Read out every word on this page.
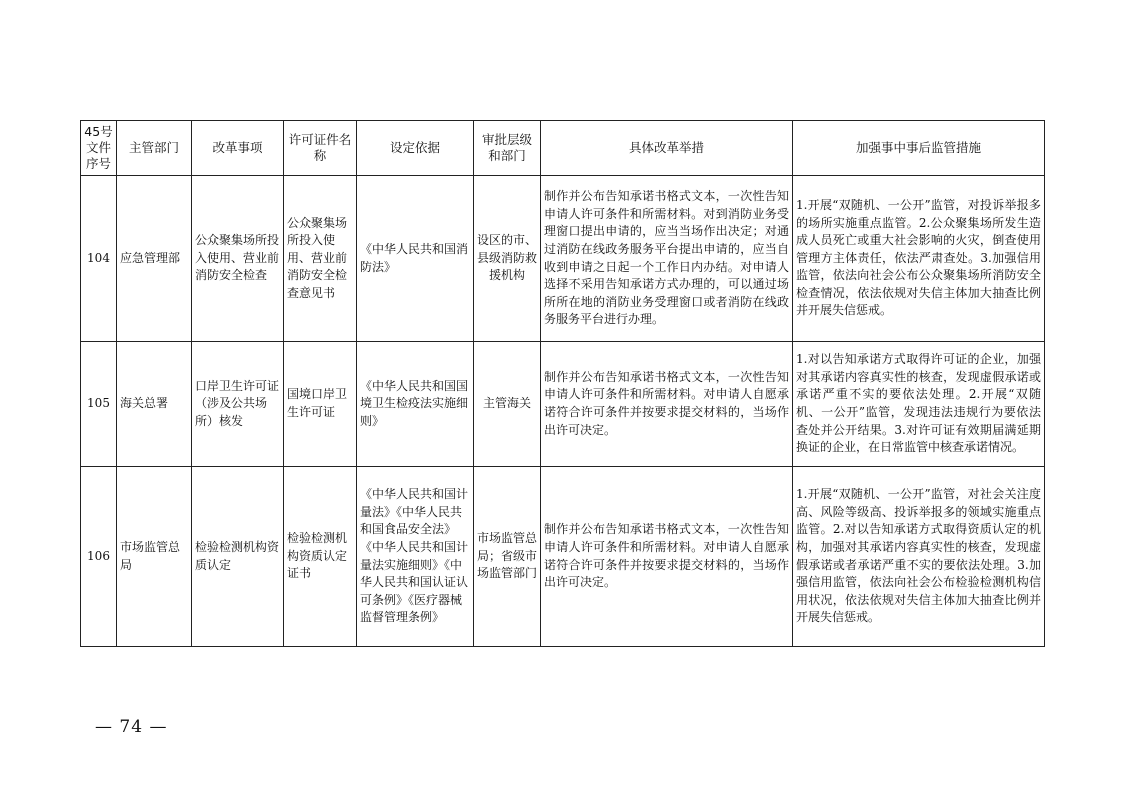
45号文件序号	主管部门	改革事项	许可证件名称	设定依据	审批层级和部门	具体改革举措	加强事中事后监管措施
104	应急管理部	公众聚集场所投入使用、营业前消防安全检查	公众聚集场所投入使用、营业前消防安全检查意见书	《中华人民共和国消防法》	设区的市、县级消防救援机构	制作并公布告知承诺书格式文本，一次性告知申请人许可条件和所需材料。对到消防业务受理窗口提出申请的，应当当场作出决定；对通过消防在线政务服务平台提出申请的，应当自收到申请之日起一个工作日内办结。对申请人选择不采用告知承诺方式办理的，可以通过场所所在地的消防业务受理窗口或者消防在线政务服务平台进行办理。	1.开展“双随机、一公开”监管，对投诉举报多的场所实施重点监管。2.公众聚集场所发生造成人员死亡或重大社会影响的火灾，倒查使用管理方主体责任，依法严肃查处。3.加强信用监管，依法向社会公布公众聚集场所消防安全检查情况，依法依规对失信主体加大抽查比例并开展失信惩戒。
105	海关总署	口岸卫生许可证（涉及公共场所）核发	国境口岸卫生许可证	《中华人民共和国国境卫生检疫法实施细则》	主管海关	制作并公布告知承诺书格式文本，一次性告知申请人许可条件和所需材料。对申请人自愿承诺符合许可条件并按要求提交材料的，当场作出许可决定。	1.对以告知承诺方式取得许可证的企业，加强对其承诺内容真实性的核查，发现虚假承诺或承诺严重不实的要依法处理。2.开展“双随机、一公开”监管，发现违法违规行为要依法查处并公开结果。3.对许可证有效期届满延期换证的企业，在日常监管中核查承诺情况。
106	市场监管总局	检验检测机构资质认定	检验检测机构资质认定证书	《中华人民共和国计量法》《中华人民共和国食品安全法》《中华人民共和国计量法实施细则》《中华人民共和国认证认可条例》《医疗器械监督管理条例》	市场监管总局；省级市场监管部门	制作并公布告知承诺书格式文本，一次性告知申请人许可条件和所需材料。对申请人自愿承诺符合许可条件并按要求提交材料的，当场作出许可决定。	1.开展“双随机、一公开”监管，对社会关注度高、风险等级高、投诉举报多的领域实施重点监管。2.对以告知承诺方式取得资质认定的机构，加强对其承诺内容真实性的核查，发现虚假承诺或者承诺严重不实的要依法处理。3.加强信用监管，依法向社会公布检验检测机构信用状况，依法依规对失信主体加大抽查比例并开展失信惩戒。
— 74 —
